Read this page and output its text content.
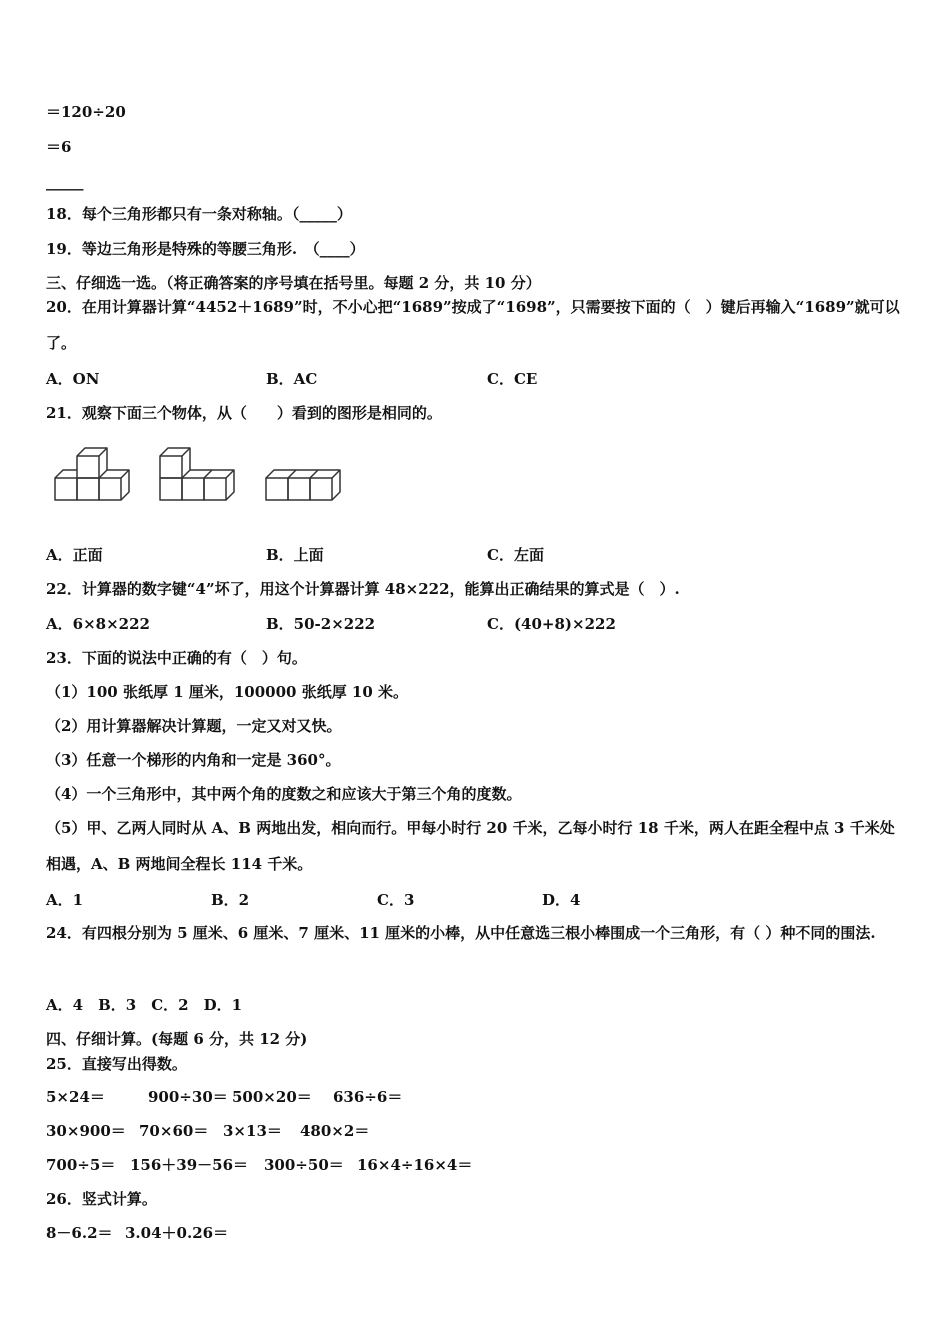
＝120÷20
＝6
_____
18．每个三角形都只有一条对称轴。（_____）
19．等边三角形是特殊的等腰三角形.　（____）
三、仔细选一选。（将正确答案的序号填在括号里。每题 2 分，共 10 分）
20．在用计算器计算“4452＋1689”时，不小心把“1689”按成了“1698”，只需要按下面的（　）键后再输入“1689”就可以了。
A．ON	B．AC	C．CE
21．观察下面三个物体，从（　　）看到的图形是相同的。
A．正面	B．上面	C．左面
22．计算器的数字键“4”坏了，用这个计算器计算 48×222，能算出正确结果的算式是（　）.
A．6×8×222	B．50-2×222	C．(40+8)×222
23．下面的说法中正确的有（　）句。
（1）100 张纸厚 1 厘米，100000 张纸厚 10 米。
（2）用计算器解决计算题，一定又对又快。
（3）任意一个梯形的内角和一定是 360°。
（4）一个三角形中，其中两个角的度数之和应该大于第三个角的度数。
（5）甲、乙两人同时从 A、B 两地出发，相向而行。甲每小时行 20 千米，乙每小时行 18 千米，两人在距全程中点 3 千米处相遇，A、B 两地间全程长 114 千米。
A．1	B．2	C．3	D．4
24．有四根分别为 5 厘米、6 厘米、7 厘米、11 厘米的小棒，从中任意选三根小棒围成一个三角形，有（ ）种不同的围法.
A．4　B．3　C．2　D．1
四、仔细计算。(每题 6 分，共 12 分)
25．直接写出得数。
5×24＝	900÷30＝ 500×20＝ 636÷6＝
30×900＝ 70×60＝ 3×13＝ 480×2＝
700÷5＝ 156＋39－56＝ 300÷50＝ 16×4÷16×4＝
26．竖式计算。
8－6.2＝ 3.04＋0.26＝
